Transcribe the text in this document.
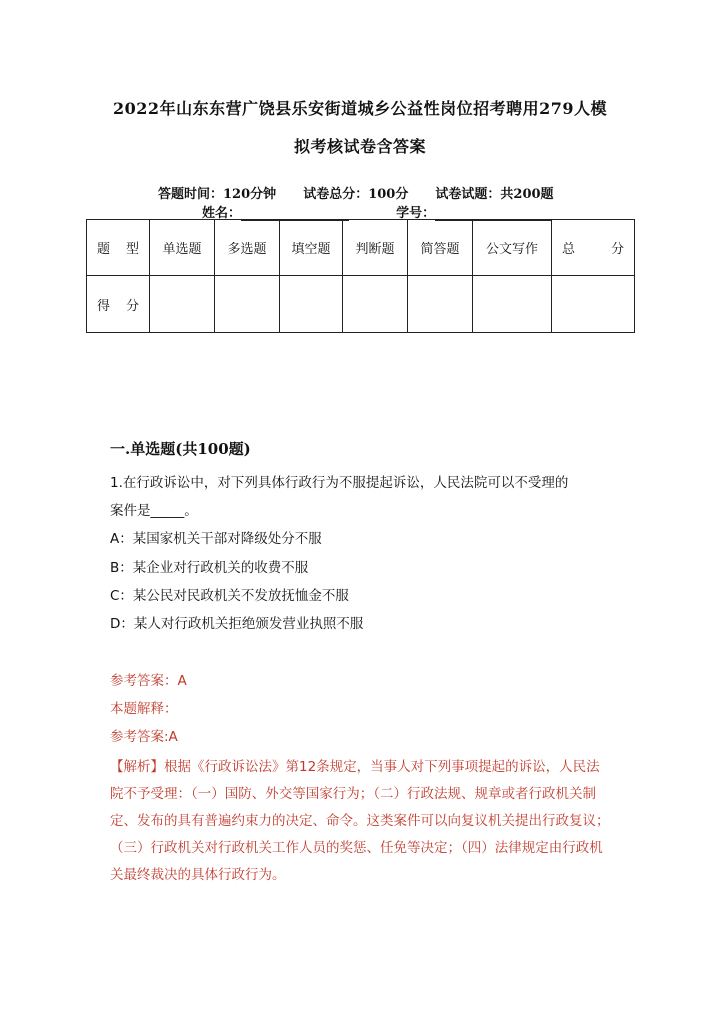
2022年山东东营广饶县乐安街道城乡公益性岗位招考聘用279人模
拟考核试卷含答案
答题时间：120分钟 试卷总分：100分 试卷试题：共200题
姓名：	学号：
题 型	单选题	多选题	填空题	判断题	简答题	公文写作	总 分

得 分							

一.单选题(共100题)
1.在行政诉讼中，对下列具体行政行为不服提起诉讼，人民法院可以不受理的
案件是_____。
A：某国家机关干部对降级处分不服
B：某企业对行政机关的收费不服
C：某公民对民政机关不发放抚恤金不服
D：某人对行政机关拒绝颁发营业执照不服
参考答案：A
本题解释：
参考答案:A
【解析】根据《行政诉讼法》第12条规定，当事人对下列事项提起的诉讼，人民法院不予受理：（一）国防、外交等国家行为；（二）行政法规、规章或者行政机关制定、发布的具有普遍约束力的决定、命令。这类案件可以向复议机关提出行政复议；（三）行政机关对行政机关工作人员的奖惩、任免等决定；（四）法律规定由行政机关最终裁决的具体行政行为。
